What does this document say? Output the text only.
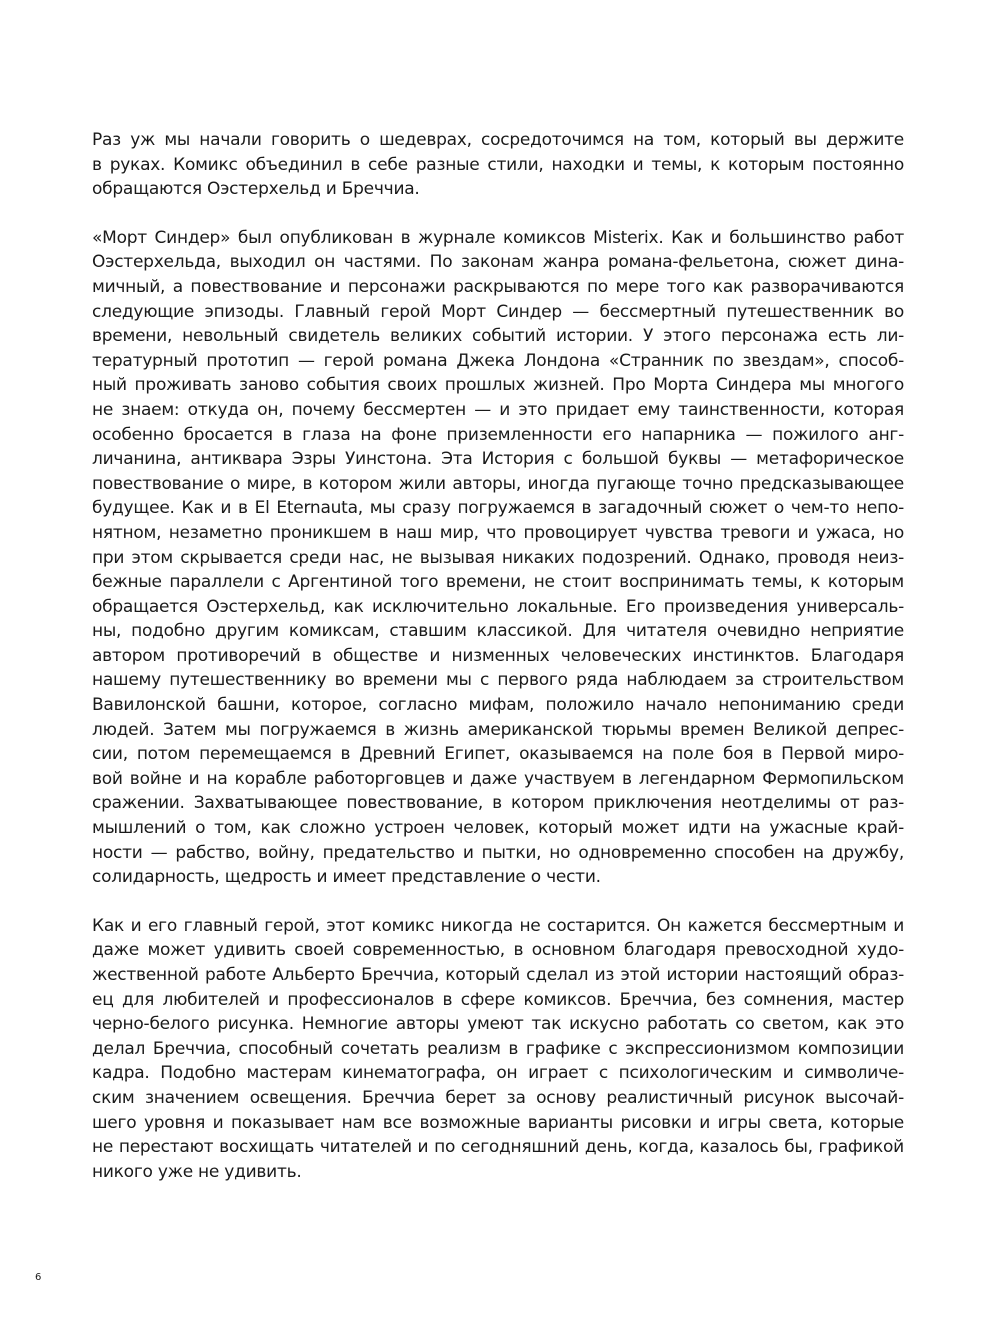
Раз уж мы начали говорить о шедеврах, сосредоточимся на том, который вы держите
в руках. Комикс объединил в себе разные стили, находки и темы, к которым постоянно
обращаются Оэстерхельд и Бреччиа.

«Морт Синдер» был опубликован в журнале комиксов Misterix. Как и большинство работ
Оэстерхельда, выходил он частями. По законам жанра романа-фельетона, сюжет дина-
мичный, а повествование и персонажи раскрываются по мере того как разворачиваются
следующие эпизоды. Главный герой Морт Синдер — бессмертный путешественник во
времени, невольный свидетель великих событий истории. У этого персонажа есть ли-
тературный прототип — герой романа Джека Лондона «Странник по звездам», способ-
ный проживать заново события своих прошлых жизней. Про Морта Синдера мы многого
не знаем: откуда он, почему бессмертен — и это придает ему таинственности, которая
особенно бросается в глаза на фоне приземленности его напарника — пожилого анг-
личанина, антиквара Эзры Уинстона. Эта История с большой буквы — метафорическое
повествование о мире, в котором жили авторы, иногда пугающе точно предсказывающее
будущее. Как и в El Eternauta, мы сразу погружаемся в загадочный сюжет о чем-то непо-
нятном, незаметно проникшем в наш мир, что провоцирует чувства тревоги и ужаса, но
при этом скрывается среди нас, не вызывая никаких подозрений. Однако, проводя неиз-
бежные параллели с Аргентиной того времени, не стоит воспринимать темы, к которым
обращается Оэстерхельд, как исключительно локальные. Его произведения универсаль-
ны, подобно другим комиксам, ставшим классикой. Для читателя очевидно неприятие
автором противоречий в обществе и низменных человеческих инстинктов. Благодаря
нашему путешественнику во времени мы с первого ряда наблюдаем за строительством
Вавилонской башни, которое, согласно мифам, положило начало непониманию среди
людей. Затем мы погружаемся в жизнь американской тюрьмы времен Великой депрес-
сии, потом перемещаемся в Древний Египет, оказываемся на поле боя в Первой миро-
вой войне и на корабле работорговцев и даже участвуем в легендарном Фермопильском
сражении. Захватывающее повествование, в котором приключения неотделимы от раз-
мышлений о том, как сложно устроен человек, который может идти на ужасные край-
ности — рабство, войну, предательство и пытки, но одновременно способен на дружбу,
солидарность, щедрость и имеет представление о чести.

Как и его главный герой, этот комикс никогда не состарится. Он кажется бессмертным и
даже может удивить своей современностью, в основном благодаря превосходной худо-
жественной работе Альберто Бреччиа, который сделал из этой истории настоящий образ-
ец для любителей и профессионалов в сфере комиксов. Бреччиа, без сомнения, мастер
черно-белого рисунка. Немногие авторы умеют так искусно работать со светом, как это
делал Бреччиа, способный сочетать реализм в графике с экспрессионизмом композиции
кадра. Подобно мастерам кинематографа, он играет с психологическим и символиче-
ским значением освещения. Бреччиа берет за основу реалистичный рисунок высочай-
шего уровня и показывает нам все возможные варианты рисовки и игры света, которые
не перестают восхищать читателей и по сегодняшний день, когда, казалось бы, графикой
никого уже не удивить.

6
